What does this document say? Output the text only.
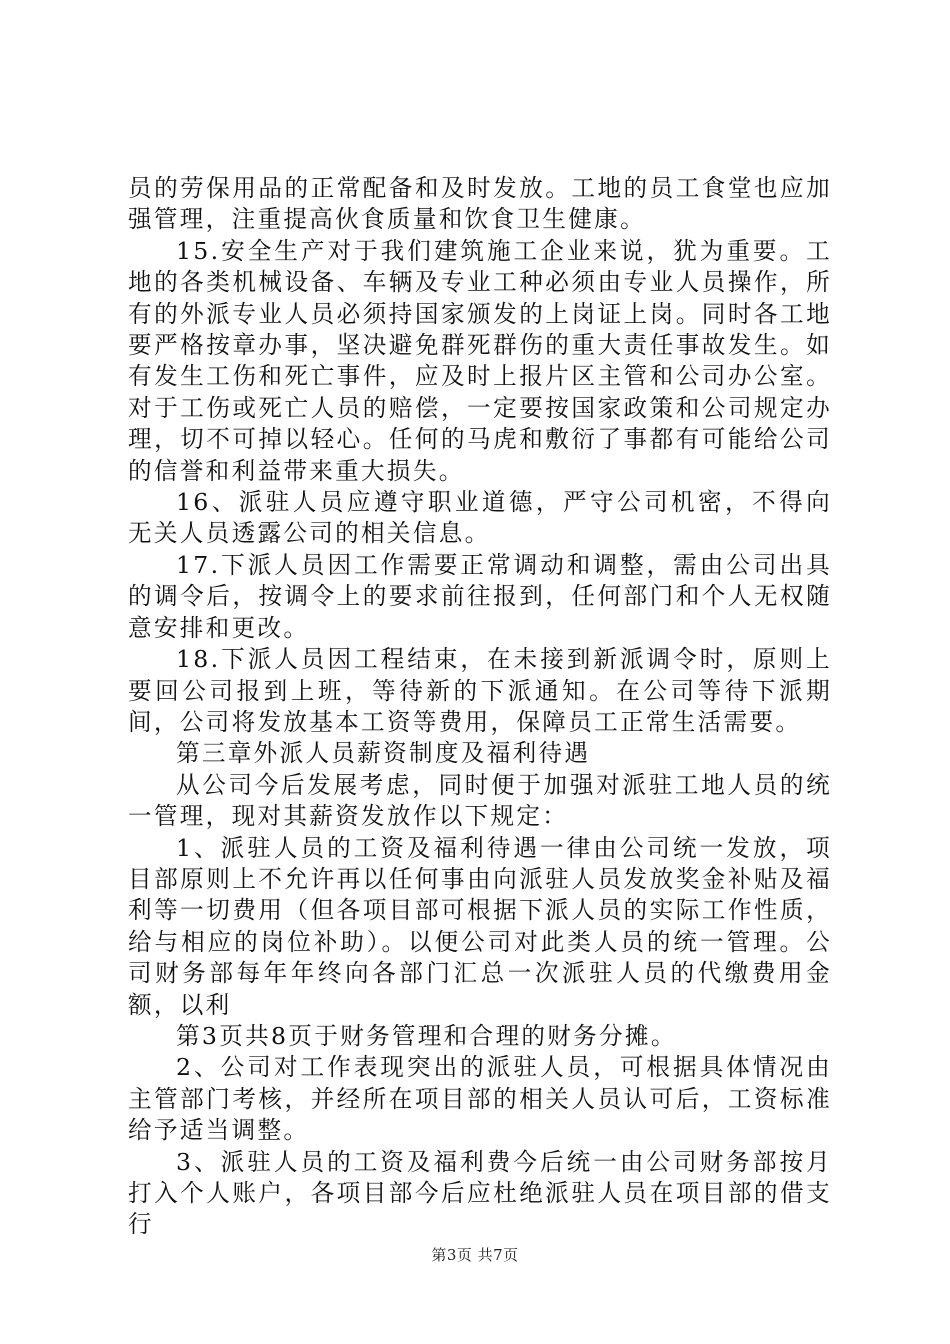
员的劳保用品的正常配备和及时发放。工地的员工食堂也应加强管理，注重提高伙食质量和饮食卫生健康。

15.安全生产对于我们建筑施工企业来说，犹为重要。工地的各类机械设备、车辆及专业工种必须由专业人员操作，所有的外派专业人员必须持国家颁发的上岗证上岗。同时各工地要严格按章办事，坚决避免群死群伤的重大责任事故发生。如有发生工伤和死亡事件，应及时上报片区主管和公司办公室。对于工伤或死亡人员的赔偿，一定要按国家政策和公司规定办理，切不可掉以轻心。任何的马虎和敷衍了事都有可能给公司的信誉和利益带来重大损失。

16、派驻人员应遵守职业道德，严守公司机密，不得向无关人员透露公司的相关信息。

17.下派人员因工作需要正常调动和调整，需由公司出具的调令后，按调令上的要求前往报到，任何部门和个人无权随意安排和更改。

18.下派人员因工程结束，在未接到新派调令时，原则上要回公司报到上班，等待新的下派通知。在公司等待下派期间，公司将发放基本工资等费用，保障员工正常生活需要。

第三章外派人员薪资制度及福利待遇

从公司今后发展考虑，同时便于加强对派驻工地人员的统一管理，现对其薪资发放作以下规定：

1、派驻人员的工资及福利待遇一律由公司统一发放，项目部原则上不允许再以任何事由向派驻人员发放奖金补贴及福利等一切费用（但各项目部可根据下派人员的实际工作性质，给与相应的岗位补助）。以便公司对此类人员的统一管理。公司财务部每年年终向各部门汇总一次派驻人员的代缴费用金额，以利

第3页共8页于财务管理和合理的财务分摊。

2、公司对工作表现突出的派驻人员，可根据具体情况由主管部门考核，并经所在项目部的相关人员认可后，工资标准给予适当调整。

3、派驻人员的工资及福利费今后统一由公司财务部按月打入个人账户，各项目部今后应杜绝派驻人员在项目部的借支行

第3页 共7页
